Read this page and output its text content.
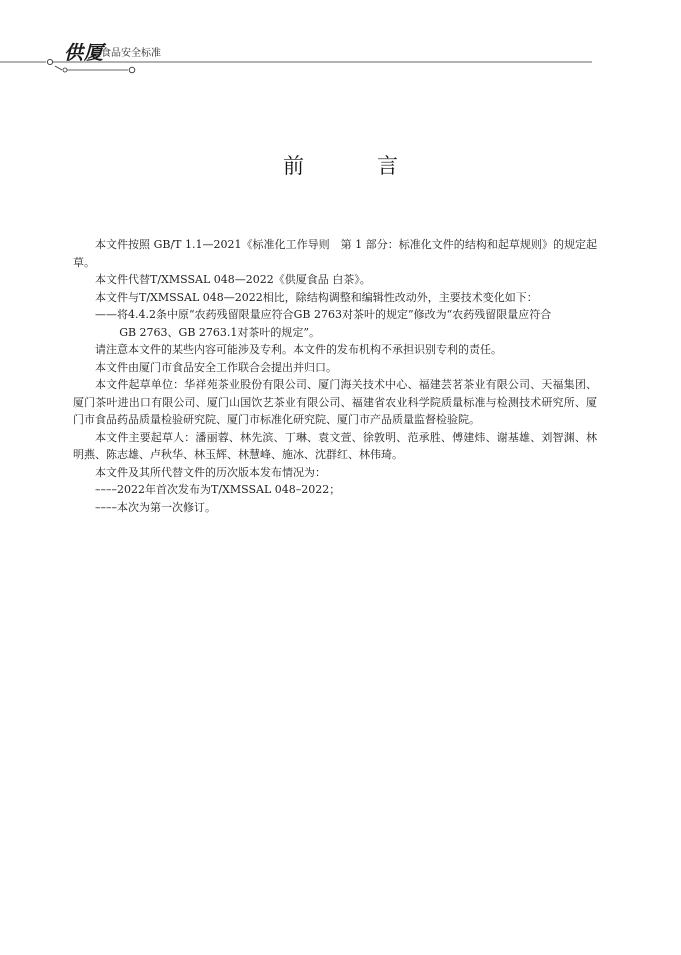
供厦
食品安全标准
前　言

本文件按照 GB/T 1.1—2021《标准化工作导则　第 1 部分：标准化文件的结构和起草规则》的规定起草。

本文件代替T/XMSSAL 048—2022《供厦食品 白茶》。

本文件与T/XMSSAL 048—2022相比，除结构调整和编辑性改动外，主要技术变化如下：

——将4.4.2条中原“农药残留限量应符合GB 2763对茶叶的规定”修改为“农药残留限量应符合
GB 2763、GB 2763.1对茶叶的规定”。

请注意本文件的某些内容可能涉及专利。本文件的发布机构不承担识别专利的责任。

本文件由厦门市食品安全工作联合会提出并归口。

本文件起草单位：华祥苑茶业股份有限公司、厦门海关技术中心、福建芸茗茶业有限公司、天福集团、厦门茶叶进出口有限公司、厦门山国饮艺茶业有限公司、福建省农业科学院质量标准与检测技术研究所、厦门市食品药品质量检验研究院、厦门市标准化研究院、厦门市产品质量监督检验院。

本文件主要起草人：潘丽蓉、林先滨、丁琳、袁文萱、徐敦明、范承胜、傅建炜、谢基雄、刘智渊、林明燕、陈志雄、卢秋华、林玉辉、林慧峰、施冰、沈群红、林伟琦。

本文件及其所代替文件的历次版本发布情况为：

––––2022年首次发布为T/XMSSAL 048–2022；

––––本次为第一次修订。
